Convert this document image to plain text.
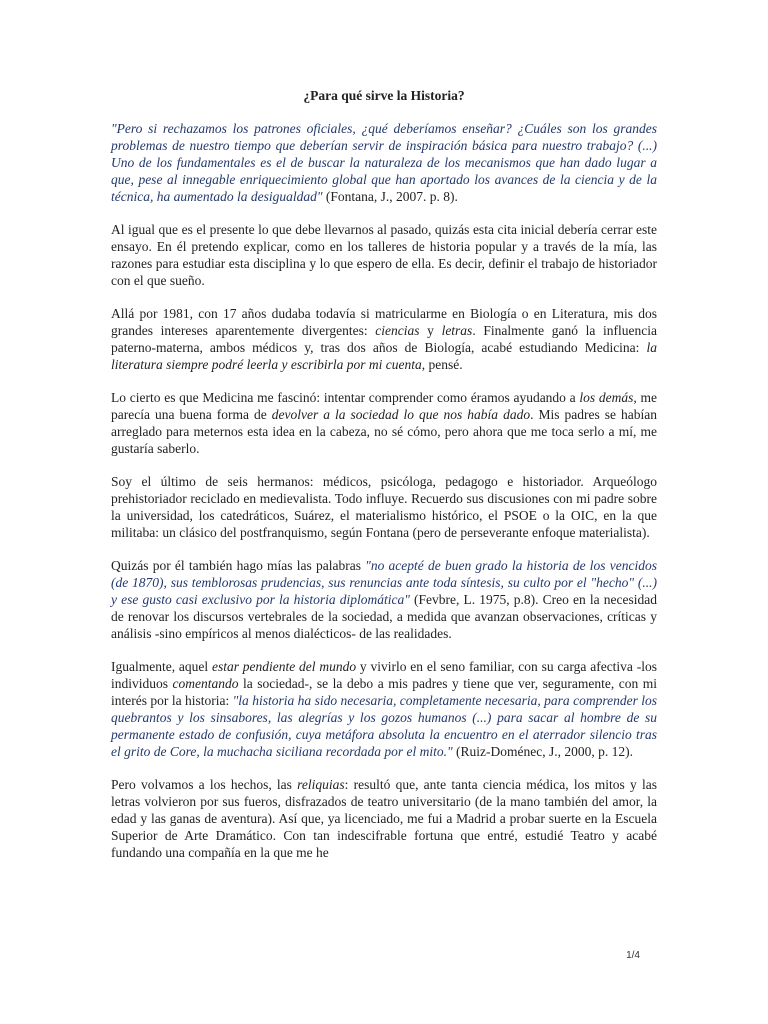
¿Para qué sirve la Historia?

"Pero si rechazamos los patrones oficiales, ¿qué deberíamos enseñar? ¿Cuáles son los grandes problemas de nuestro tiempo que deberían servir de inspiración básica para nuestro trabajo? (...) Uno de los fundamentales es el de buscar la naturaleza de los mecanismos que han dado lugar a que, pese al innegable enriquecimiento global que han aportado los avances de la ciencia y de la técnica, ha aumentado la desigualdad" (Fontana, J., 2007. p. 8).

Al igual que es el presente lo que debe llevarnos al pasado, quizás esta cita inicial debería cerrar este ensayo. En él pretendo explicar, como en los talleres de historia popular y a través de la mía, las razones para estudiar esta disciplina y lo que espero de ella. Es decir, definir el trabajo de historiador con el que sueño.

Allá por 1981, con 17 años dudaba todavía si matricularme en Biología o en Literatura, mis dos grandes intereses aparentemente divergentes: ciencias y letras. Finalmente ganó la influencia paterno-materna, ambos médicos y, tras dos años de Biología, acabé estudiando Medicina: la literatura siempre podré leerla y escribirla por mi cuenta, pensé.

Lo cierto es que Medicina me fascinó: intentar comprender como éramos ayudando a los demás, me parecía una buena forma de devolver a la sociedad lo que nos había dado. Mis padres se habían arreglado para meternos esta idea en la cabeza, no sé cómo, pero ahora que me toca serlo a mí, me gustaría saberlo.

Soy el último de seis hermanos: médicos, psicóloga, pedagogo e historiador. Arqueólogo prehistoriador reciclado en medievalista. Todo influye. Recuerdo sus discusiones con mi padre sobre la universidad, los catedráticos, Suárez, el materialismo histórico, el PSOE o la OIC, en la que militaba: un clásico del postfranquismo, según Fontana (pero de perseverante enfoque materialista).

Quizás por él también hago mías las palabras "no acepté de buen grado la historia de los vencidos (de 1870), sus temblorosas prudencias, sus renuncias ante toda síntesis, su culto por el "hecho" (...) y ese gusto casi exclusivo por la historia diplomática" (Fevbre, L. 1975, p.8). Creo en la necesidad de renovar los discursos vertebrales de la sociedad, a medida que avanzan observaciones, críticas y análisis -sino empíricos al menos dialécticos- de las realidades.

Igualmente, aquel estar pendiente del mundo y vivirlo en el seno familiar, con su carga afectiva -los individuos comentando la sociedad-, se la debo a mis padres y tiene que ver, seguramente, con mi interés por la historia: "la historia ha sido necesaria, completamente necesaria, para comprender los quebrantos y los sinsabores, las alegrías y los gozos humanos (...) para sacar al hombre de su permanente estado de confusión, cuya metáfora absoluta la encuentro en el aterrador silencio tras el grito de Core, la muchacha siciliana recordada por el mito." (Ruiz-Doménec, J., 2000, p. 12).

Pero volvamos a los hechos, las reliquias: resultó que, ante tanta ciencia médica, los mitos y las letras volvieron por sus fueros, disfrazados de teatro universitario (de la mano también del amor, la edad y las ganas de aventura). Así que, ya licenciado, me fui a Madrid a probar suerte en la Escuela Superior de Arte Dramático. Con tan indescifrable fortuna que entré, estudié Teatro y acabé fundando una compañía en la que me he

1/4
